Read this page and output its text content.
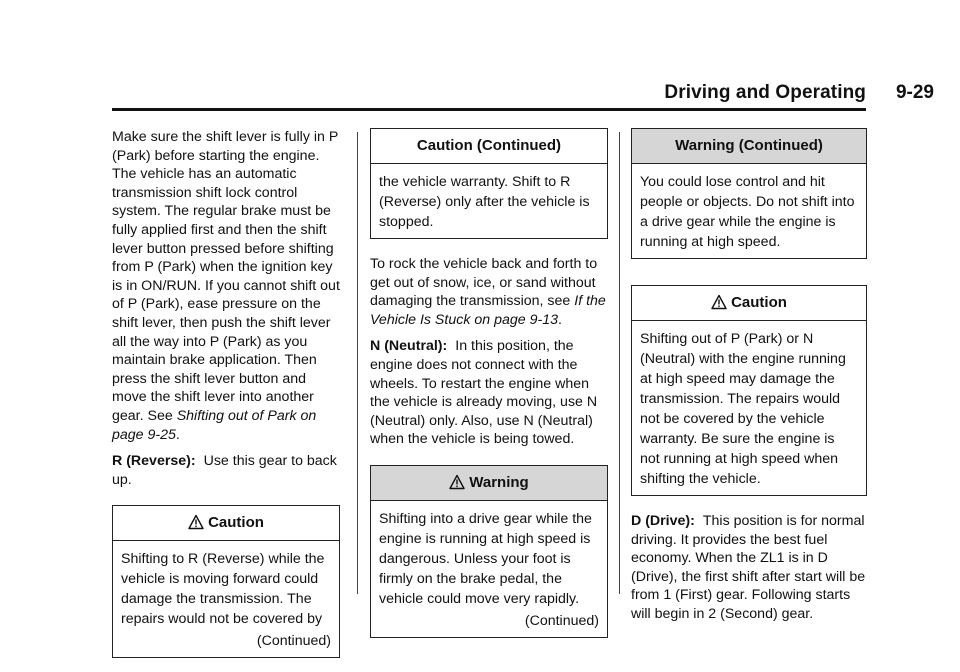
Driving and Operating 9-29

Make sure the shift lever is fully in P (Park) before starting the engine. The vehicle has an automatic transmission shift lock control system. The regular brake must be fully applied first and then the shift lever button pressed before shifting from P (Park) when the ignition key is in ON/RUN. If you cannot shift out of P (Park), ease pressure on the shift lever, then push the shift lever all the way into P (Park) as you maintain brake application. Then press the shift lever button and move the shift lever into another gear. See Shifting out of Park on page 9-25.

R (Reverse): Use this gear to back up.

Caution
Shifting to R (Reverse) while the vehicle is moving forward could damage the transmission. The repairs would not be covered by
(Continued)
Caution (Continued)
the vehicle warranty. Shift to R (Reverse) only after the vehicle is stopped.

To rock the vehicle back and forth to get out of snow, ice, or sand without damaging the transmission, see If the Vehicle Is Stuck on page 9-13.

N (Neutral): In this position, the engine does not connect with the wheels. To restart the engine when the vehicle is already moving, use N (Neutral) only. Also, use N (Neutral) when the vehicle is being towed.

Warning
Shifting into a drive gear while the engine is running at high speed is dangerous. Unless your foot is firmly on the brake pedal, the vehicle could move very rapidly.
(Continued)
Warning (Continued)
You could lose control and hit people or objects. Do not shift into a drive gear while the engine is running at high speed.
Caution
Shifting out of P (Park) or N (Neutral) with the engine running at high speed may damage the transmission. The repairs would not be covered by the vehicle warranty. Be sure the engine is not running at high speed when shifting the vehicle.

D (Drive): This position is for normal driving. It provides the best fuel economy. When the ZL1 is in D (Drive), the first shift after start will be from 1 (First) gear. Following starts will begin in 2 (Second) gear.
